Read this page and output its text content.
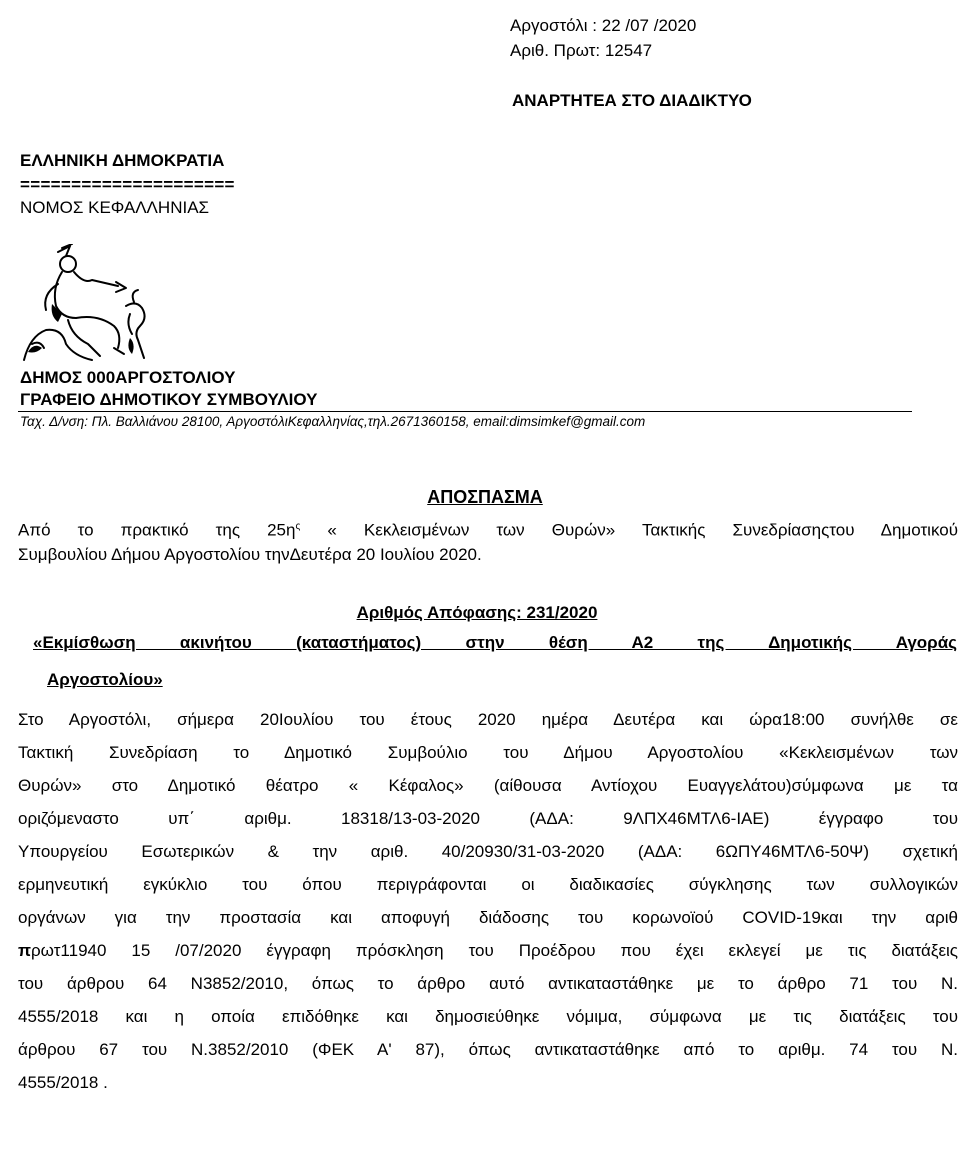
Αργοστόλι : 22 /07 /2020
Αριθ. Πρωτ: 12547
ΑΝΑΡΤΗΤΕΑ ΣΤΟ ΔΙΑΔΙΚΤΥΟ
ΕΛΛΗΝΙΚΗ ΔΗΜΟΚΡΑΤΙΑ
=====================
ΝΟΜΟΣ ΚΕΦΑΛΛΗΝΙΑΣ
ΔΗΜΟΣ 000ΑΡΓΟΣΤΟΛΙΟΥ
ΓΡΑΦΕΙΟ ΔΗΜΟΤΙΚΟΥ ΣΥΜΒΟΥΛΙΟΥ
Ταχ. Δ/νση: Πλ. Βαλλιάνου 28100, ΑργοστόλιΚεφαλληνίας,τηλ.2671360158, email:dimsimkef@gmail.com
ΑΠΟΣΠΑΣΜΑ
Από το πρακτικό της $25\eta^\varsigma$ « Κεκλεισμένων των Θυρών» Τακτικής Συνεδρίασηςτου Δημοτικού
Συμβουλίου Δήμου Αργοστολίου τηνΔευτέρα 20 Ιουλίου 2020.
Αριθμός Απόφασης: 231/2020
«Εκμίσθωση ακινήτου (καταστήματος) στην θέση Α2 της Δημοτικής Αγοράς
Αργοστολίου»
Στο Αργοστόλι, σήμερα 20Ιουλίου του έτους 2020 ημέρα Δευτέρα και ώρα18:00 συνήλθε σε
Τακτική Συνεδρίαση το Δημοτικό Συμβούλιο του Δήμου Αργοστολίου «Κεκλεισμένων των
Θυρών» στο Δημοτικό θέατρο « Κέφαλος» (αίθουσα Αντίοχου Ευαγγελάτου)σύμφωνα με τα
οριζόμεναστο υπ΄ αριθμ. 18318/13-03-2020 (ΑΔΑ: 9ΛΠΧ46ΜΤΛ6-ΙΑΕ) έγγραφο του
Υπουργείου Εσωτερικών & την αριθ. 40/20930/31-03-2020 (ΑΔΑ: 6ΩΠΥ46ΜΤΛ6-50Ψ) σχετική
ερμηνευτική εγκύκλιο του όπου περιγράφονται οι διαδικασίες σύγκλησης των συλλογικών
οργάνων για την προστασία και αποφυγή διάδοσης του κορωνοϊού COVID-19και την αριθ
πρωτ11940 15 /07/2020 έγγραφη πρόσκληση του Προέδρου που έχει εκλεγεί με τις διατάξεις
του άρθρου 64 Ν3852/2010, όπως το άρθρο αυτό αντικαταστάθηκε με το άρθρο 71 του Ν.
4555/2018 και η οποία επιδόθηκε και δημοσιεύθηκε νόμιμα, σύμφωνα με τις διατάξεις του
άρθρου 67 του Ν.3852/2010 (ΦΕΚ Α' 87), όπως αντικαταστάθηκε από το αριθμ. 74 του Ν.
4555/2018 .
